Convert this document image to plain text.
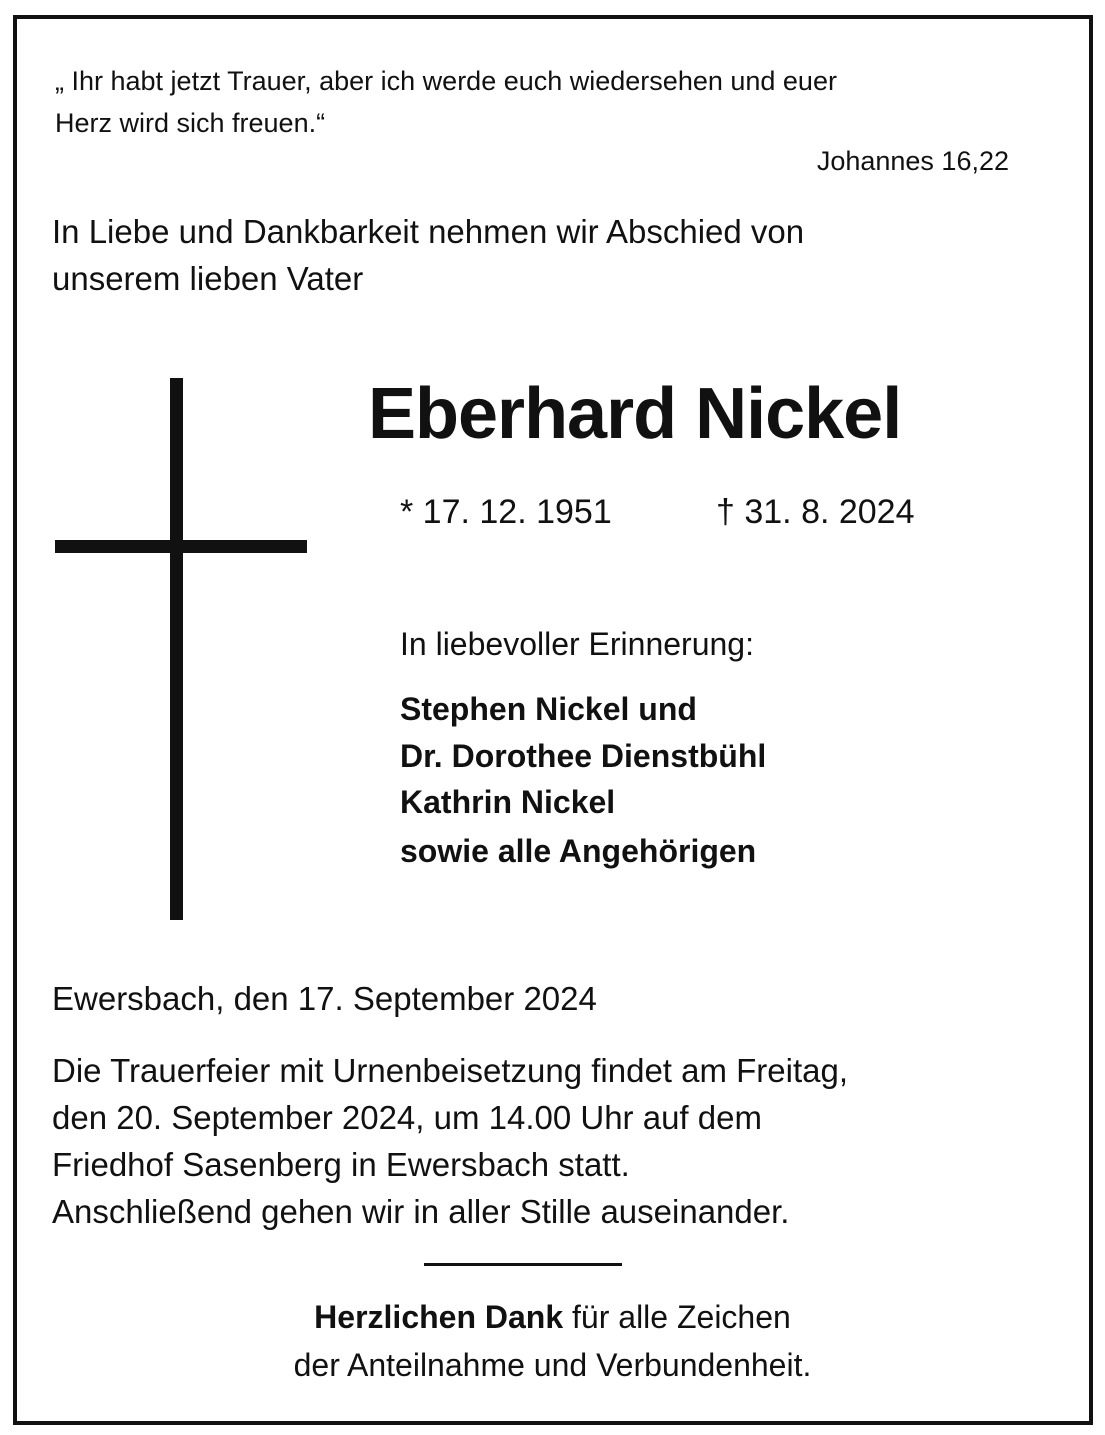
„ Ihr habt jetzt Trauer, aber ich werde euch wiedersehen und euer
Herz wird sich freuen.“
Johannes 16,22
In Liebe und Dankbarkeit nehmen wir Abschied von
unserem lieben Vater
Eberhard Nickel
* 17. 12. 1951	† 31. 8. 2024
In liebevoller Erinnerung:
Stephen Nickel und
Dr. Dorothee Dienstbühl
Kathrin Nickel
sowie alle Angehörigen
Ewersbach, den 17. September 2024
Die Trauerfeier mit Urnenbeisetzung findet am Freitag,
den 20. September 2024, um 14.00 Uhr auf dem
Friedhof Sasenberg in Ewersbach statt.
Anschließend gehen wir in aller Stille auseinander.
Herzlichen Dank für alle Zeichen
der Anteilnahme und Verbundenheit.
